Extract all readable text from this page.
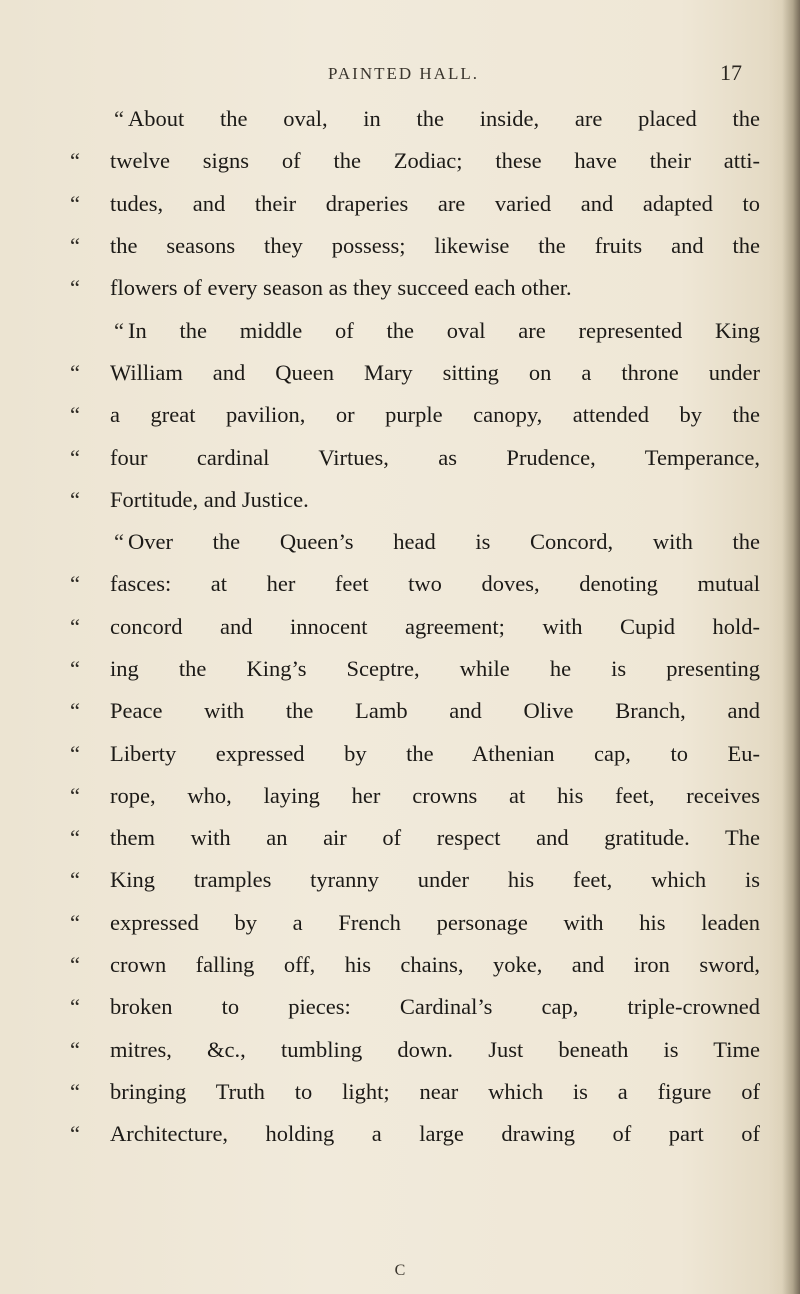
PAINTED HALL.	17
“ About the oval, in the inside, are placed the
“	twelve signs of the Zodiac; these have their atti-
“	tudes, and their draperies are varied and adapted to
“	the seasons they possess; likewise the fruits and the
“	flowers of every season as they succeed each other.
“ In the middle of the oval are represented King
“	William and Queen Mary sitting on a throne under
“	a great pavilion, or purple canopy, attended by the
“	four cardinal Virtues, as Prudence, Temperance,
“	Fortitude, and Justice.
“ Over the Queen’s head is Concord, with the
“	fasces: at her feet two doves, denoting mutual
“	concord and innocent agreement; with Cupid hold-
“	ing the King’s Sceptre, while he is presenting
“	Peace with the Lamb and Olive Branch, and
“	Liberty expressed by the Athenian cap, to Eu-
“	rope, who, laying her crowns at his feet, receives
“	them with an air of respect and gratitude. The
“	King tramples tyranny under his feet, which is
“	expressed by a French personage with his leaden
“	crown falling off, his chains, yoke, and iron sword,
“	broken to pieces: Cardinal’s cap, triple-crowned
“	mitres, &c., tumbling down. Just beneath is Time
“	bringing Truth to light; near which is a figure of
“	Architecture, holding a large drawing of part of
C
